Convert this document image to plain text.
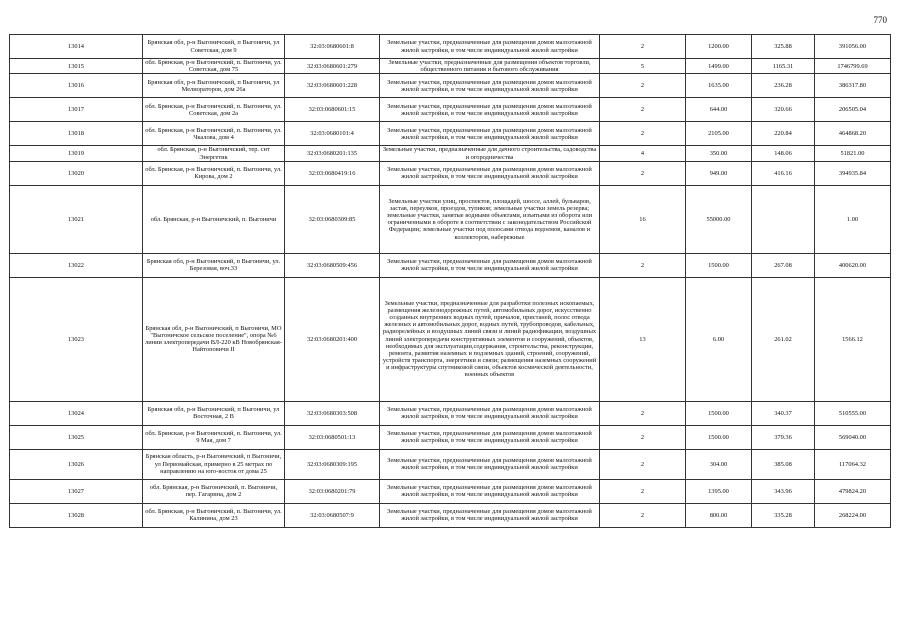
770
13014	Брянская обл, р-н Выгоничский, п Выгоничи, ул Советская, дом 9	32:03:0680601:8	Земельные участки, предназначенные для размещения домов малоэтажной жилой застройки, в том числе индивидуальной жилой застройки	2	1200.00	325.88	391056.00
13015	обл. Брянская, р-н Выгоничский, п. Выгоничи, ул. Советская, дом 75	32:03:0680601:279	Земельные участки, предназначенные для размещения объектов торговли, общественного питания и бытового обслуживания	5	1499.00	1165.31	1746799.69
13016	Брянская обл, р-н Выгоничский, п Выгоничи, ул Мелиораторов, дом 26а	32:03:0680601:228	Земельные участки, предназначенные для размещения домов малоэтажной жилой застройки, в том числе индивидуальной жилой застройки	2	1635.00	236.28	386317.80
13017	обл. Брянская, р-н Выгоничский, п. Выгоничи, ул. Советская, дом 2а	32:03:0680601:15	Земельные участки, предназначенные для размещения домов малоэтажной жилой застройки, в том числе индивидуальной жилой застройки	2	644.00	320.66	206505.04
13018	обл. Брянская, р-н Выгоничский, п. Выгоничи, ул. Чкалова, дом 4	32:03:0680101:4	Земельные участки, предназначенные для размещения домов малоэтажной жилой застройки, в том числе индивидуальной жилой застройки	2	2105.00	220.84	464868.20
13019	обл. Брянская, р-н Выгоничский, тер. снт Энергетик	32:03:0680201:135	Земельные участки, предназначенные для дачного строительства, садоводства и огородничества	4	350.00	148.06	51821.00
13020	обл. Брянская, р-н Выгоничский, п. Выгоничи, ул. Кирова, дом 2	32:03:0680419:16	Земельные участки, предназначенные для размещения домов малоэтажной жилой застройки, в том числе индивидуальной жилой застройки	2	949.00	416.16	394935.84
13021	обл. Брянская, р-н Выгоничский, п. Выгоничи	32:03:0680309:85	Земельные участки улиц, проспектов, площадей, шоссе, аллей, бульваров, застав, переулков, проездов, тупиков; земельные участки земель резерва; земельные участки, занятые водными объектами, изъятыми из оборота или ограниченными в обороте в соответствии с законодательством Российской Федерации; земельные участки под полосами отвода водоемов, каналов и коллекторов, набережные	16	55000.00		1.00
13022	Брянская обл, р-н Выгоничский, п Выгоничи, ул. Березовая, воч.33	32:03:0680509:456	Земельные участки, предназначенные для размещения домов малоэтажной жилой застройки, в том числе индивидуальной жилой застройки	2	1500.00	267.08	400620.00
13023	Брянская обл, р-н Выгоничский, п Выгоничи, МО "Выгоничское сельское поселение", опора №6 линии электропередачи ВЛ-220 кВ Новобрянская-Найтоповичи II	32:03:0680201:400	Земельные участки, предназначенные для разработки полезных ископаемых, размещения железнодорожных путей, автомобильных дорог, искусственно созданных внутренних водных путей, причалов, пристаней, полос отвода железных и автомобильных дорог, водных путей, трубопроводов, кабельных, радиорелейных и воздушных линий связи и линий радиофикации, воздушных линий электропередачи конструктивных элементов и сооружений, объектов, необходимых для эксплуатации,содержания, строительства, реконструкции, ремонта, развития наземных и подземных зданий, строений, сооружений, устройств транспорта, энергетики и связи; размещения наземных сооружений и инфраструктуры спутниковой связи, объектов космической деятельности, военных объектов	13	6.00	261.02	1566.12
13024	Брянская обл, р-н Выгоничский, п Выгоничи, ул Восточная, 2 В	32:03:0680303:508	Земельные участки, предназначенные для размещения домов малоэтажной жилой застройки, в том числе индивидуальной жилой застройки	2	1500.00	340.37	510555.00
13025	обл. Брянская, р-н Выгоничский, п. Выгоничи, ул. 9 Мая, дом 7	32:03:0680501:13	Земельные участки, предназначенные для размещения домов малоэтажной жилой застройки, в том числе индивидуальной жилой застройки	2	1500.00	379.36	569040.00
13026	Брянская область, р-н Выгоничский, п Выгоничи, ул Первомайская, примерно в 25 метрах по направлению на юго-восток от дома 25	32:03:0680309:195	Земельные участки, предназначенные для размещения домов малоэтажной жилой застройки, в том числе индивидуальной жилой застройки	2	304.00	385.08	117064.32
13027	обл. Брянская, р-н Выгоничский, п. Выгоничи, пер. Гагарина, дом 2	32:03:0680201:79	Земельные участки, предназначенные для размещения домов малоэтажной жилой застройки, в том числе индивидуальной жилой застройки	2	1395.00	343.96	479824.20
13028	обл. Брянская, р-н Выгоничский, п. Выгоничи, ул. Калинина, дом 23	32:03:0680507:9	Земельные участки, предназначенные для размещения домов малоэтажной жилой застройки, в том числе индивидуальной жилой застройки	2	800.00	335.28	268224.00
